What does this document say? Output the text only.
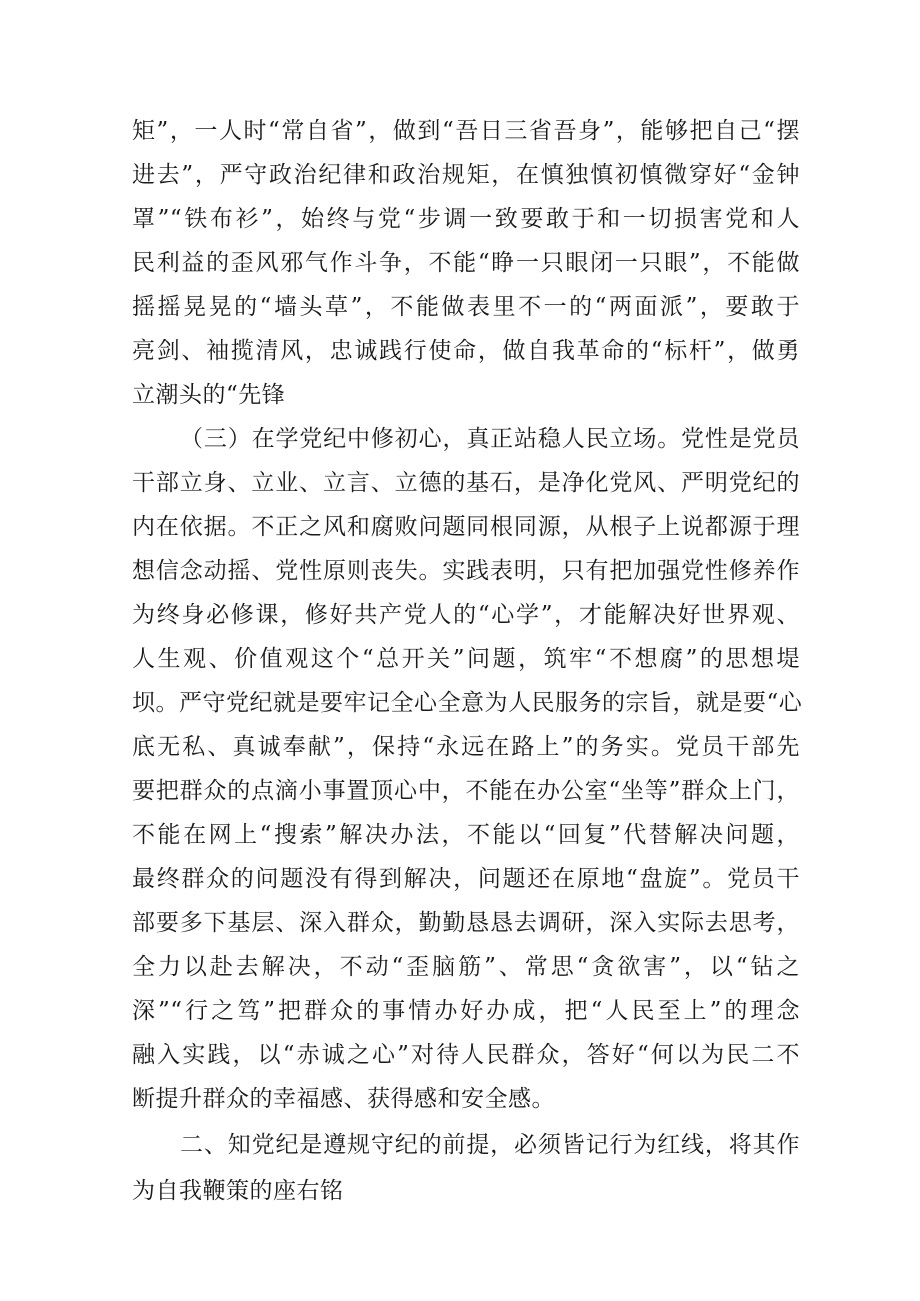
矩”，一人时“常自省”，做到“吾日三省吾身”，能够把自己“摆
进去”，严守政治纪律和政治规矩，在慎独慎初慎微穿好“金钟
罩”“铁布衫”，始终与党“步调一致要敢于和一切损害党和人
民利益的歪风邪气作斗争，不能“睁一只眼闭一只眼”，不能做
摇摇晃晃的“墙头草”，不能做表里不一的“两面派”，要敢于
亮剑、袖揽清风，忠诚践行使命，做自我革命的“标杆”，做勇
立潮头的“先锋
（三）在学党纪中修初心，真正站稳人民立场。党性是党员
干部立身、立业、立言、立德的基石，是净化党风、严明党纪的
内在依据。不正之风和腐败问题同根同源，从根子上说都源于理
想信念动摇、党性原则丧失。实践表明，只有把加强党性修养作
为终身必修课，修好共产党人的“心学”，才能解决好世界观、
人生观、价值观这个“总开关”问题，筑牢“不想腐”的思想堤
坝。严守党纪就是要牢记全心全意为人民服务的宗旨，就是要“心
底无私、真诚奉献”，保持“永远在路上”的务实。党员干部先
要把群众的点滴小事置顶心中，不能在办公室“坐等”群众上门，
不能在网上“搜索”解决办法，不能以“回复”代替解决问题，
最终群众的问题没有得到解决，问题还在原地“盘旋”。党员干
部要多下基层、深入群众，勤勤恳恳去调研，深入实际去思考，
全力以赴去解决，不动“歪脑筋”、常思“贪欲害”，以“钻之
深”“行之笃”把群众的事情办好办成，把“人民至上”的理念
融入实践，以“赤诚之心”对待人民群众，答好“何以为民二不
断提升群众的幸福感、获得感和安全感。
二、知党纪是遵规守纪的前提，必须皆记行为红线，将其作
为自我鞭策的座右铭
